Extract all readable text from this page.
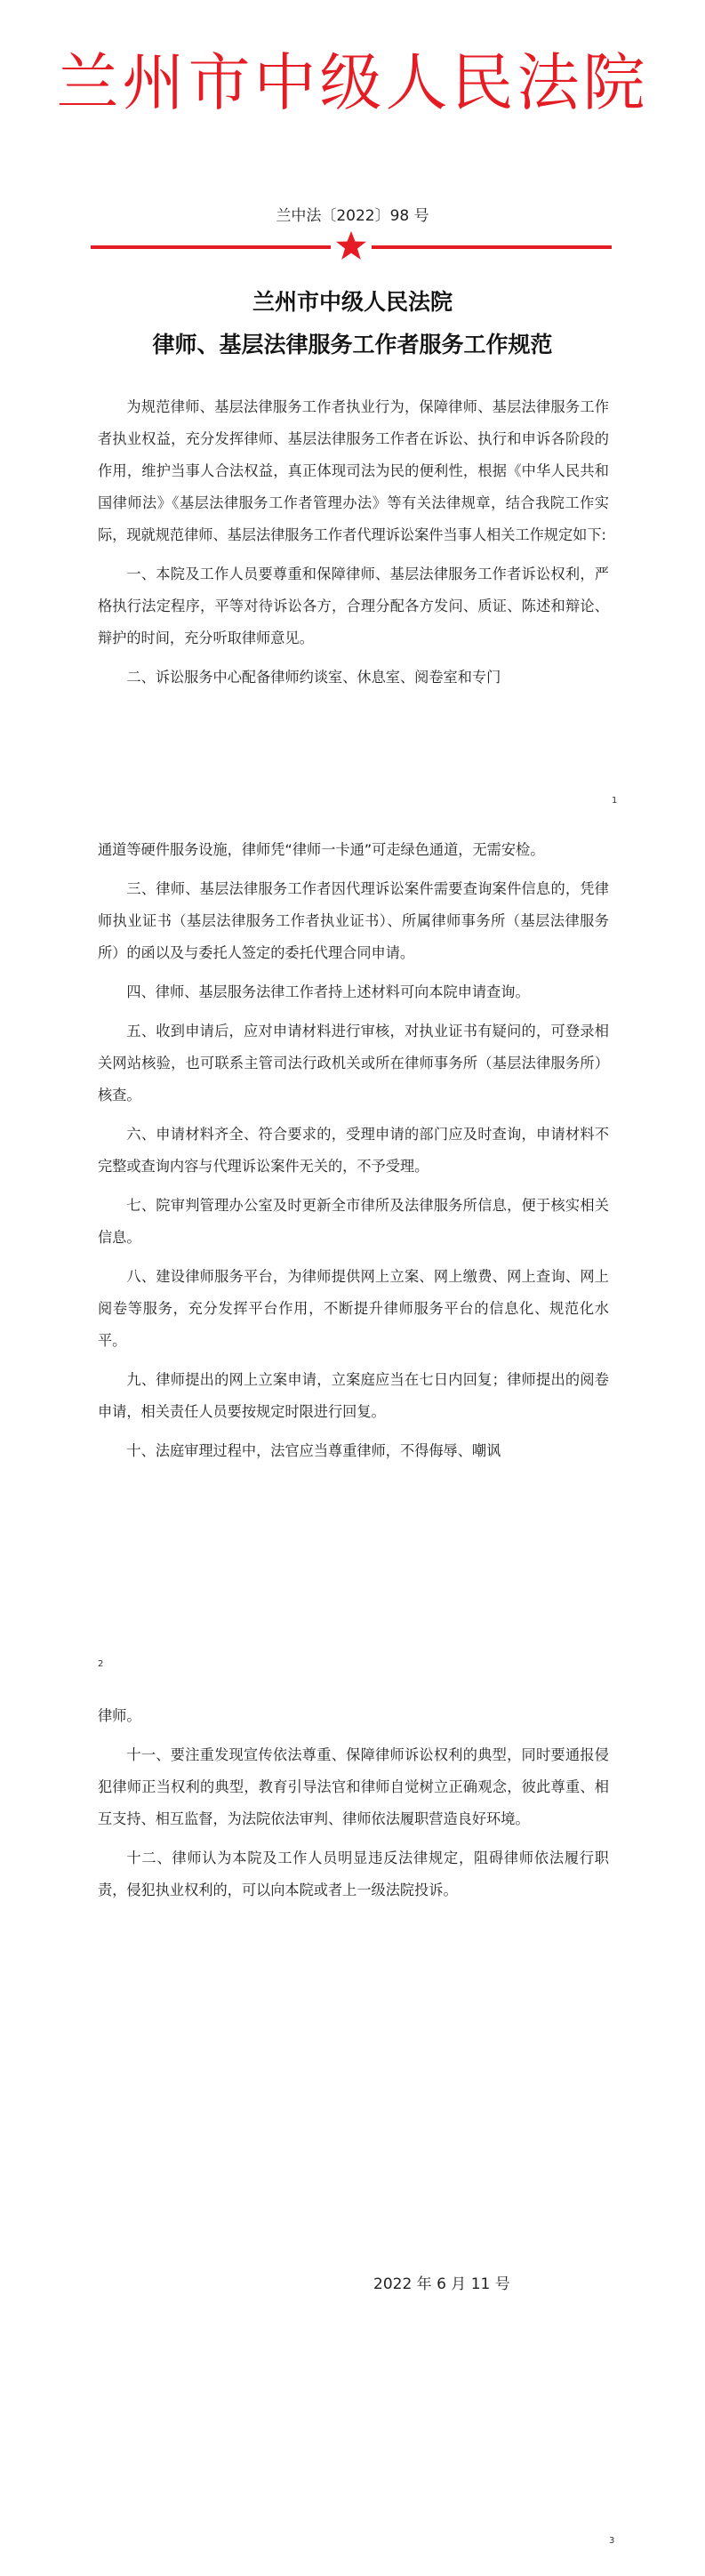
兰州市中级人民法院
兰中法〔2022〕98 号
兰州市中级人民法院
律师、基层法律服务工作者服务工作规范

为规范律师、基层法律服务工作者执业行为，保障律师、基层法律服务工作者执业权益，充分发挥律师、基层法律服务工作者在诉讼、执行和申诉各阶段的作用，维护当事人合法权益，真正体现司法为民的便利性，根据《中华人民共和国律师法》《基层法律服务工作者管理办法》等有关法律规章，结合我院工作实际，现就规范律师、基层法律服务工作者代理诉讼案件当事人相关工作规定如下:

一、本院及工作人员要尊重和保障律师、基层法律服务工作者诉讼权利，严格执行法定程序，平等对待诉讼各方，合理分配各方发问、质证、陈述和辩论、辩护的时间，充分听取律师意见。

二、诉讼服务中心配备律师约谈室、休息室、阅卷室和专门

1

通道等硬件服务设施，律师凭“律师一卡通”可走绿色通道，无需安检。

三、律师、基层法律服务工作者因代理诉讼案件需要查询案件信息的，凭律师执业证书（基层法律服务工作者执业证书）、所属律师事务所（基层法律服务所）的函以及与委托人签定的委托代理合同申请。

四、律师、基层服务法律工作者持上述材料可向本院申请查询。

五、收到申请后，应对申请材料进行审核，对执业证书有疑问的，可登录相关网站核验，也可联系主管司法行政机关或所在律师事务所（基层法律服务所）核查。

六、申请材料齐全、符合要求的，受理申请的部门应及时查询，申请材料不完整或查询内容与代理诉讼案件无关的，不予受理。

七、院审判管理办公室及时更新全市律所及法律服务所信息，便于核实相关信息。

八、建设律师服务平台，为律师提供网上立案、网上缴费、网上查询、网上阅卷等服务，充分发挥平台作用，不断提升律师服务平台的信息化、规范化水平。

九、律师提出的网上立案申请，立案庭应当在七日内回复；律师提出的阅卷申请，相关责任人员要按规定时限进行回复。

十、法庭审理过程中，法官应当尊重律师，不得侮辱、嘲讽

2

律师。

十一、要注重发现宣传依法尊重、保障律师诉讼权利的典型，同时要通报侵犯律师正当权利的典型，教育引导法官和律师自觉树立正确观念，彼此尊重、相互支持、相互监督，为法院依法审判、律师依法履职营造良好环境。

十二、律师认为本院及工作人员明显违反法律规定，阻碍律师依法履行职责，侵犯执业权利的，可以向本院或者上一级法院投诉。

2022 年 6 月 11 号
3
